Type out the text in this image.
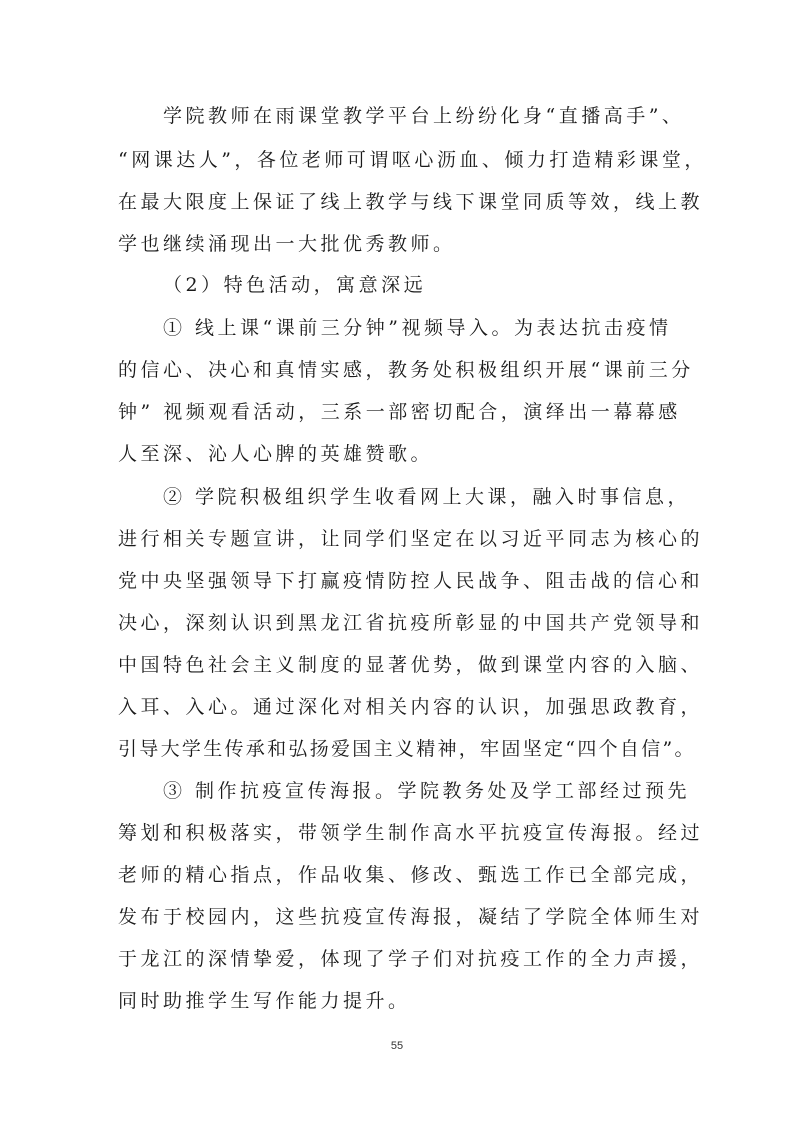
学院教师在雨课堂教学平台上纷纷化身“直播高手”、
“网课达人”，各位老师可谓呕心沥血、倾力打造精彩课堂，
在最大限度上保证了线上教学与线下课堂同质等效，线上教
学也继续涌现出一大批优秀教师。
（2）特色活动，寓意深远
① 线上课“课前三分钟”视频导入。为表达抗击疫情
的信心、决心和真情实感，教务处积极组织开展“课前三分
钟” 视频观看活动，三系一部密切配合，演绎出一幕幕感
人至深、沁人心脾的英雄赞歌。
② 学院积极组织学生收看网上大课，融入时事信息，
进行相关专题宣讲，让同学们坚定在以习近平同志为核心的
党中央坚强领导下打赢疫情防控人民战争、阻击战的信心和
决心，深刻认识到黑龙江省抗疫所彰显的中国共产党领导和
中国特色社会主义制度的显著优势，做到课堂内容的入脑、
入耳、入心。通过深化对相关内容的认识，加强思政教育，
引导大学生传承和弘扬爱国主义精神，牢固坚定“四个自信”。
③ 制作抗疫宣传海报。学院教务处及学工部经过预先
筹划和积极落实，带领学生制作高水平抗疫宣传海报。经过
老师的精心指点，作品收集、修改、甄选工作已全部完成，
发布于校园内，这些抗疫宣传海报，凝结了学院全体师生对
于龙江的深情挚爱，体现了学子们对抗疫工作的全力声援，
同时助推学生写作能力提升。
55
